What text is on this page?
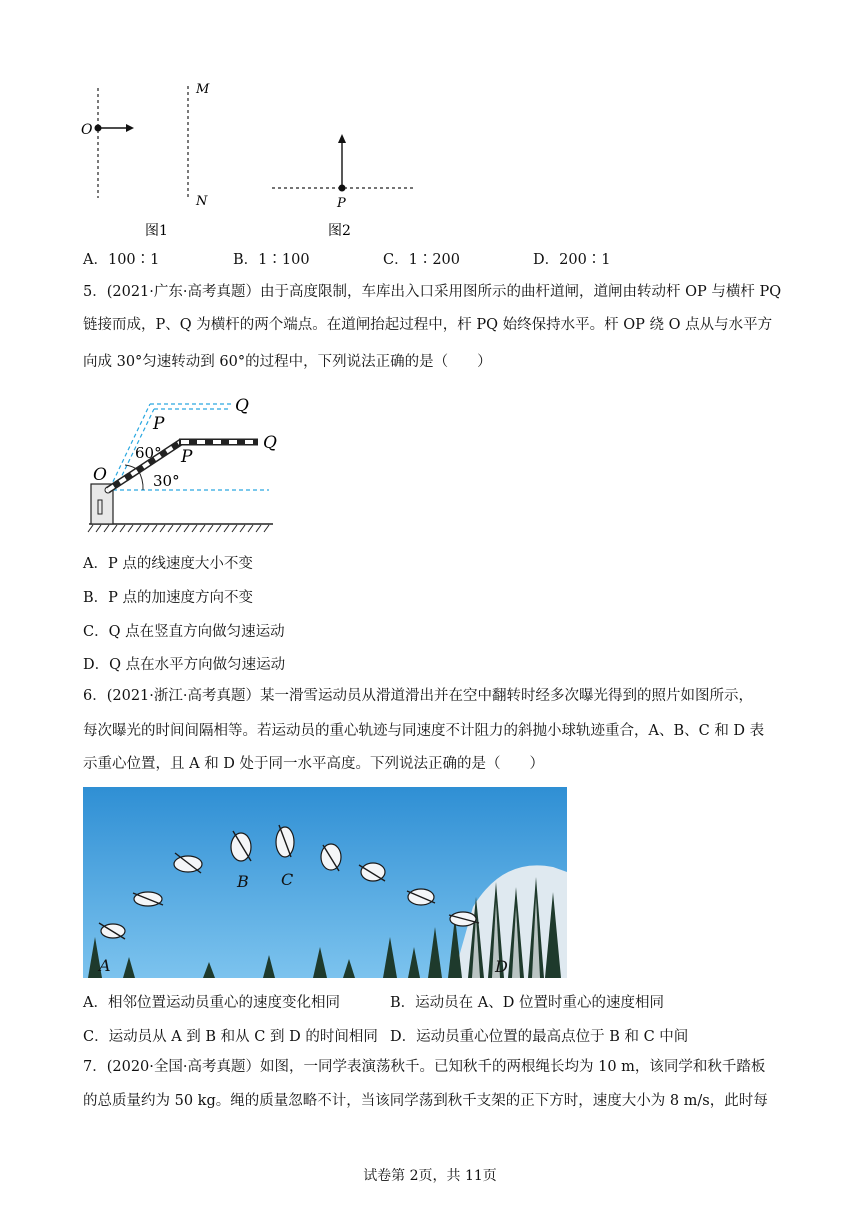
O
M
N
图1
P
图2
A．100∶1	B．1∶100	C．1∶200	D．200∶1
5．(2021·广东·高考真题）由于高度限制，车库出入口采用图所示的曲杆道闸，道闸由转动杆 OP 与横杆 PQ
链接而成，P、Q 为横杆的两个端点。在道闸抬起过程中，杆 PQ 始终保持水平。杆 OP 绕 O 点从与水平方
向成 30°匀速转动到 60°的过程中，下列说法正确的是（　　）
O
P
Q
P
Q
60°
30°
A．P 点的线速度大小不变
B．P 点的加速度方向不变
C．Q 点在竖直方向做匀速运动
D．Q 点在水平方向做匀速运动
6．(2021·浙江·高考真题）某一滑雪运动员从滑道滑出并在空中翻转时经多次曝光得到的照片如图所示，
每次曝光的时间间隔相等。若运动员的重心轨迹与同速度不计阻力的斜抛小球轨迹重合，A、B、C 和 D 表
示重心位置，且 A 和 D 处于同一水平高度。下列说法正确的是（　　）
A
B C
D
A．相邻位置运动员重心的速度变化相同	B．运动员在 A、D 位置时重心的速度相同
C．运动员从 A 到 B 和从 C 到 D 的时间相同 D．运动员重心位置的最高点位于 B 和 C 中间
7．(2020·全国·高考真题）如图，一同学表演荡秋千。已知秋千的两根绳长均为 10 m，该同学和秋千踏板
的总质量约为 50 kg。绳的质量忽略不计，当该同学荡到秋千支架的正下方时，速度大小为 8 m/s，此时每
试卷第 2页，共 11页
